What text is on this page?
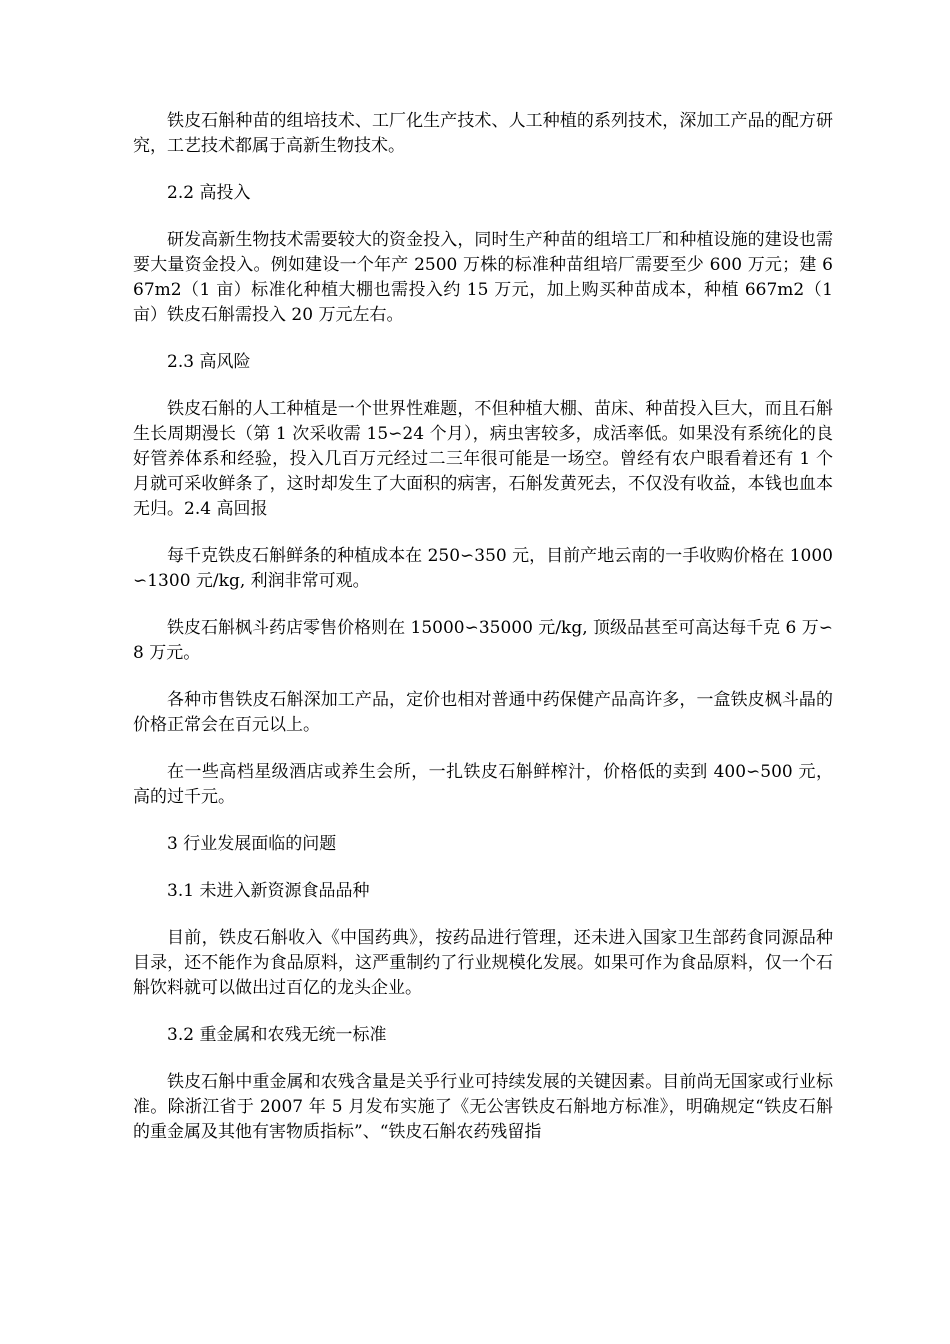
铁皮石斛种苗的组培技术、工厂化生产技术、人工种植的系列技术，深加工产品的配方研究，工艺技术都属于高新生物技术。

2.2 高投入

研发高新生物技术需要较大的资金投入，同时生产种苗的组培工厂和种植设施的建设也需要大量资金投入。例如建设一个年产 2500 万株的标准种苗组培厂需要至少 600 万元；建 667m2（1 亩）标准化种植大棚也需投入约 15 万元，加上购买种苗成本，种植 667m2（1 亩）铁皮石斛需投入 20 万元左右。

2.3 高风险

铁皮石斛的人工种植是一个世界性难题，不但种植大棚、苗床、种苗投入巨大，而且石斛生长周期漫长（第 1 次采收需 15∽24 个月），病虫害较多，成活率低。如果没有系统化的良好管养体系和经验，投入几百万元经过二三年很可能是一场空。曾经有农户眼看着还有 1 个月就可采收鲜条了，这时却发生了大面积的病害，石斛发黄死去，不仅没有收益，本钱也血本无归。2.4 高回报

每千克铁皮石斛鲜条的种植成本在 250∽350 元，目前产地云南的一手收购价格在 1000∽1300 元/kg, 利润非常可观。

铁皮石斛枫斗药店零售价格则在 15000∽35000 元/kg, 顶级品甚至可高达每千克 6 万∽8 万元。

各种市售铁皮石斛深加工产品，定价也相对普通中药保健产品高许多，一盒铁皮枫斗晶的价格正常会在百元以上。

在一些高档星级酒店或养生会所，一扎铁皮石斛鲜榨汁，价格低的卖到 400∽500 元，高的过千元。

3 行业发展面临的问题

3.1 未进入新资源食品品种

目前，铁皮石斛收入《中国药典》，按药品进行管理，还未进入国家卫生部药食同源品种目录，还不能作为食品原料，这严重制约了行业规模化发展。如果可作为食品原料，仅一个石斛饮料就可以做出过百亿的龙头企业。

3.2 重金属和农残无统一标准

铁皮石斛中重金属和农残含量是关乎行业可持续发展的关键因素。目前尚无国家或行业标准。除浙江省于 2007 年 5 月发布实施了《无公害铁皮石斛地方标准》，明确规定“铁皮石斛的重金属及其他有害物质指标”、“铁皮石斛农药残留指
